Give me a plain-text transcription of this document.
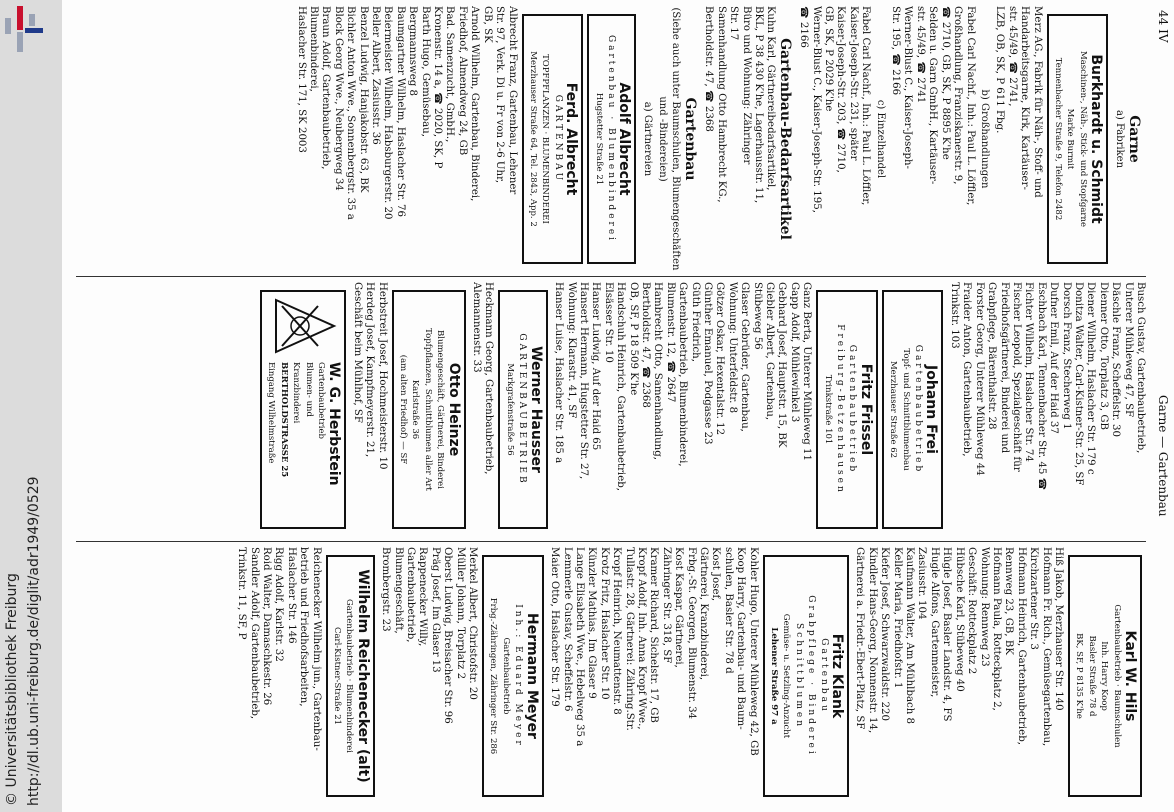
© Universitätsbibliothek Freiburg http://dl.ub.uni-freiburg.de/diglit/adr1949/0529
44 IV
Garne — Gartenbau
Garne
a) Fabriken
Burkhardt u. Schmidt
Maschinen-, Näh-, Stick- und Stopfgarne
Marke Burmit
Tennenbacher Straße 9, Telefon 2482

Merz AG., Fabrik für Näh-, Stoff- und

Handarbeitsgarne, Kirk, Kartäuser-

str. 45/49, ☎ 2741,

LZB, OB, SK, P 611 Fbg.

b) Großhandlungen

Fabel Carl Nachf., Inh.: Paul L. Löffler,

Großhandlung, Franziskanerstr. 9,

☎ 2710, GB, SK, P 8895 K'he

Selden u. Garn GmbH., Kartäuser-

str. 45/49, ☎ 2741

Werner-Blust C., Kaiser-Joseph-

Str. 195, ☎ 2166

c) Einzelhandel

Fabel Carl Nachf., Inh.: Paul L. Löffler,

Kaiser-Joseph-Str. 231, später

Kaiser-Joseph-Str. 203, ☎ 2710,

GB, SK, P 2029 K'he

Werner-Blust C., Kaiser-Joseph-Str. 195,

☎ 2166

Gartenbau-Bedarfsartikel

Kuhn Karl, Gärtnereibedarfsartikel,

BKL, P 38 430 K'he, Lagerhausstr. 11,

Büro und Wohnung: Zähringer

Str. 17

Samenhandlung Otto Hambrecht KG.,

Bertholdstr. 47, ☎ 2368

Gartenbau
(Siehe auch unter Baumschulen, Blumengeschäften und -Bindereien)
a) Gärtnereien
Adolf Albrecht
Gartenbau · Blumenbinderei
Hugstetter Straße 21
Ferd. Albrecht
GARTENBAU
TOPFPFLANZEN · BLUMENBINDEREI
Merzhauser Straße 64, Tel. 2843, App. 2

Albrecht Franz, Gartenbau, Lehener

Str. 97, Verk. Di u. Fr von 2-6 Uhr,

GB, SK

Arnold Wilhelm, Gartenbau, Binderei,

Friedhof, Almendweg 24, GB

Bad. Samenzucht, GmbH.,

Kronenstr. 14 a, ☎ 2020, SK, P

Barth Hugo, Gemüsebau,

Bergmannsweg 8

Baumgartner Wilhelm, Haslacher Str. 76

Beiermeister Wilhelm, Habsburgerstr. 20

Beller Albert, Zasiusstr. 36

Benzel Ludwig, Hanjakobstr. 63, BK

Bichler Anton Wwe., Sonnenbergstr. 35 a

Block Georg Wwe., Neubergweg 34

Braun Adolf, Gartenbaubetrieb,

Blumenbinderei,

Haslacher Str. 171, SK 2003

Busch Gustav, Gartenbaubetrieb,

Unterer Mühleweg 47, SF

Däschle Franz, Scheffelstr. 30

Dienner Otto, Torplatz 3, GB

Diener Wilhelm, Haslacher Str. 179 c

Donitza Walter, Carl-Kistner-Str. 25, SF

Dorsch Franz, Stecherweg 1

Dufner Emil, Auf der Haid 37

Eschbach Karl, Tennenbacher Str. 45 ☎

Fichter Wilhelm, Haslacher Str. 74

Fischer Leopold, Spezialgeschäft für

Friedhofsgärtnerei, Binderei und

Grabpflege, Bärenthalstr. 28

Forster Georg, Unterer Mühleweg 44

Fraider Anton, Gartenbaubetrieb,

Trinkstr. 103

Johann Frei
Gartenbaubetrieb
Topf- und Schnittblumenbau
Merzhauser Straße 62
Fritz Frissel
Gartenbaubetrieb
Freiburg-Betzenhausen
Trinkstraße 101

Ganz Berta, Unterer Mühleweg 11

Gapp Adolf, Mühlewinkel 3

Gebhard Josef, Hauptstr. 15, BK

Giebler Albert, Gartenbau,

Stübeweg 56

Glaser Gebrüder, Gartenbau,

Wohnung: Unterfeldstr. 8

Götzer Oskar, Hexentalstr. 12

Günther Emanuel, Podgasse 23

Güth Friedrich,

Gartenbaubetrieb, Blumenbinderei,

Blumenstr. 12, ☎ 2647

Hambrecht Otto, Samenhandlung,

Bertholdstr. 47, ☎ 2368

OB, SF, P 18 509 K'he

Handschuh Heinrich, Gartenbaubetrieb,

Elsässer Str. 10

Hanser Ludwig, Auf der Haid 65

Hansert Hermann, Hugstetter Str. 27,

Wohnung: Klarastr. 41, SF

Hanser Luise, Haslacher Str. 185 a

Werner Hausser
GARTENBAUBETRIEB
Markgrafenstraße 56

Heckmann Georg, Gartenbaubetrieb,

Alemannenstr. 33

Otto Heinze
Blumengeschäft, Gärtnerei, Binderei
Topfpflanzen, Schnittblumen aller Art
Karlstraße 36
(am alten Friedhof) — SF

Herbstreit Josef, Hochmeisterstr. 10

Herdeg Josef, Kampfmeyerstr. 21,

Geschäft beim Mühlhof, SF

W. G. Herbstein
Gartenbaubetrieb
Blumen- und
Kranzbinderei
BERTHOLDSTRASSE 25
Eingang Wilhelmstraße
Karl W. Hils
Gartenbaubetrieb · Baumschulen
Inh. Harry Koop
Basler Straße 78 d
BK, SF, P 8135 K'he

Hiß Jakob, Merzhauser Str. 140

Hofmann Fr. Rich., Gemüsegartenbau,

Kirchzartener Str. 3

Hofmann Heinrich, Gartenbaubetrieb,

Rennweg 23, GB, BK

Hofmann Paula, Rotteckplatz 2,

Wohnung: Rennweg 23

Geschäft: Rotteckplatz 2

Hübsche Karl, Stübeweg 40

Hügle Josef, Basler Landstr. 4, FS

Hugle Alfons, Gartenmeister,

Zasiusstr. 104

Kaufmann Walter, Am Mühlbach 8

Keller Maria, Friedhofstr. 1

Kiefer Josef, Schwarzwaldstr. 220

Kindler Hans-Georg, Nonnenstr. 14,

Gärtnerei a. Friedr.-Ebert-Platz, SF

Fritz Klank
Gartenbau
Grabpflege · Binderei
Schnittblumen
Gemüse- u. Setzling-Anzucht
Lehener Straße 97 a

Kohler Hugo, Unterer Mühleweg 42, GB

Koop Harry, Gartenbau- und Baum-

schulen, Basler Str. 78 d

Kost Josef,

Gärtnerei, Kranzbinderei,

Frbg.-St. Georgen, Blumenstr. 34

Kost Kaspar, Gärtnerei,

Zähringer Str. 318, SF

Kramer Richard, Sichelstr. 17, GB

Kropf Adolf, Inh. Anna Kropf Wwe.,

Tullastr. 28, Gärtnerei: Zähring.Str.

Kropf Heinrich, Neumattenstr. 8

Krotz Fritz, Haslacher Str. 10

Künzler Mathias, Im Glaser 9

Lange Elisabeth Wwe., Hebelweg 35 a

Lemmerle Gustav, Scheffelstr. 6

Maier Otto, Haslacher Str. 179

Hermann Meyer
Inh.: Eduard Meyer
Gartenbaubetrieb
Frbg.-Zähringen, Zähringer Str. 286

Merkel Albert, Christofstr. 20

Müller Johann, Torplatz 2

Oberst Ludwig, Breisacher Str. 96

Präg Josef, Im Glaser 13

Rappenecker Willy,

Gartenbaubetrieb,

Blumengeschäft,

Brombergstr. 23

Wilhelm Reichenecker (alt)
Gartenbaubetrieb · Blumenbinderei
Carl-Kistner-Straße 21

Reichenecker Wilhelm jun., Gartenbau-

betrieb und Friedhofsarbeiten,

Haslacher Str. 146

Rigg Adolf, Karlstr. 32

Roid Walter, Damaschkestr. 26

Sandler Adolf, Gartenbaubetrieb,

Trinkstr. 11, SF, P
